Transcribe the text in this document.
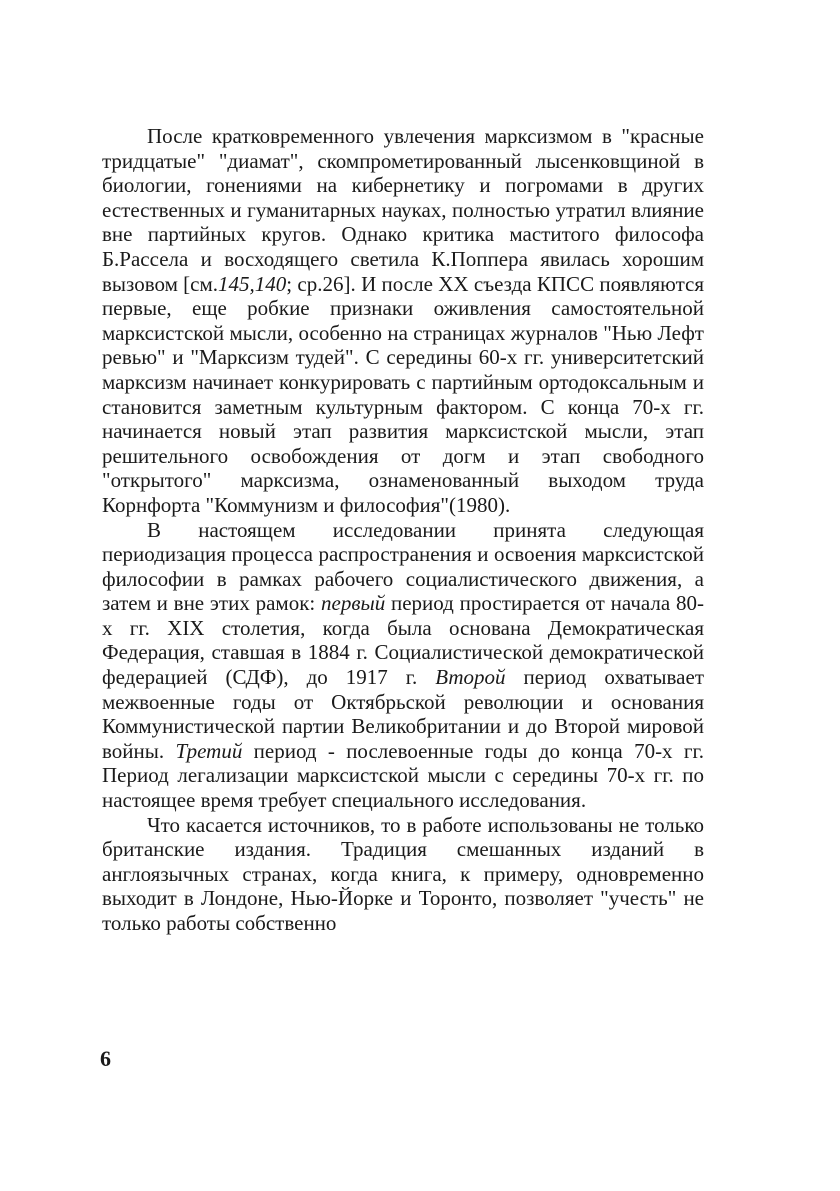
После кратковременного увлечения марксизмом в "красные тридцатые" "диамат", скомпрометированный лысенковщиной в биологии, гонениями на кибернетику и погромами в других естественных и гуманитарных науках, полностью утратил влияние вне партийных кругов. Однако критика маститого философа Б.Рассела и восходящего светила К.Поппера явилась хорошим вызовом [см.145,140; ср.26]. И после XX съезда КПСС появляются первые, еще робкие признаки оживления самостоятельной марксистской мысли, особенно на страницах журналов "Нью Лефт ревью" и "Марксизм тудей". С середины 60-х гг. университетский марксизм начинает конкурировать с партийным ортодоксальным и становится заметным культурным фактором. С конца 70-х гг. начинается новый этап развития марксистской мысли, этап решительного освобождения от догм и этап свободного "открытого" марксизма, ознаменованный выходом труда Корнфорта "Коммунизм и философия"(1980).

В настоящем исследовании принята следующая периодизация процесса распространения и освоения марксистской философии в рамках рабочего социалистического движения, а затем и вне этих рамок: первый период простирается от начала 80-х гг. XIX столетия, когда была основана Демократическая Федерация, ставшая в 1884 г. Социалистической демократической федерацией (СДФ), до 1917 г. Второй период охватывает межвоенные годы от Октябрьской революции и основания Коммунистической партии Великобритании и до Второй мировой войны. Третий период - послевоенные годы до конца 70-х гг. Период легализации марксистской мысли с середины 70-х гг. по настоящее время требует специального исследования.

Что касается источников, то в работе использованы не только британские издания. Традиция смешанных изданий в англоязычных странах, когда книга, к примеру, одновременно выходит в Лондоне, Нью-Йорке и Торонто, позволяет "учесть" не только работы собственно

6
